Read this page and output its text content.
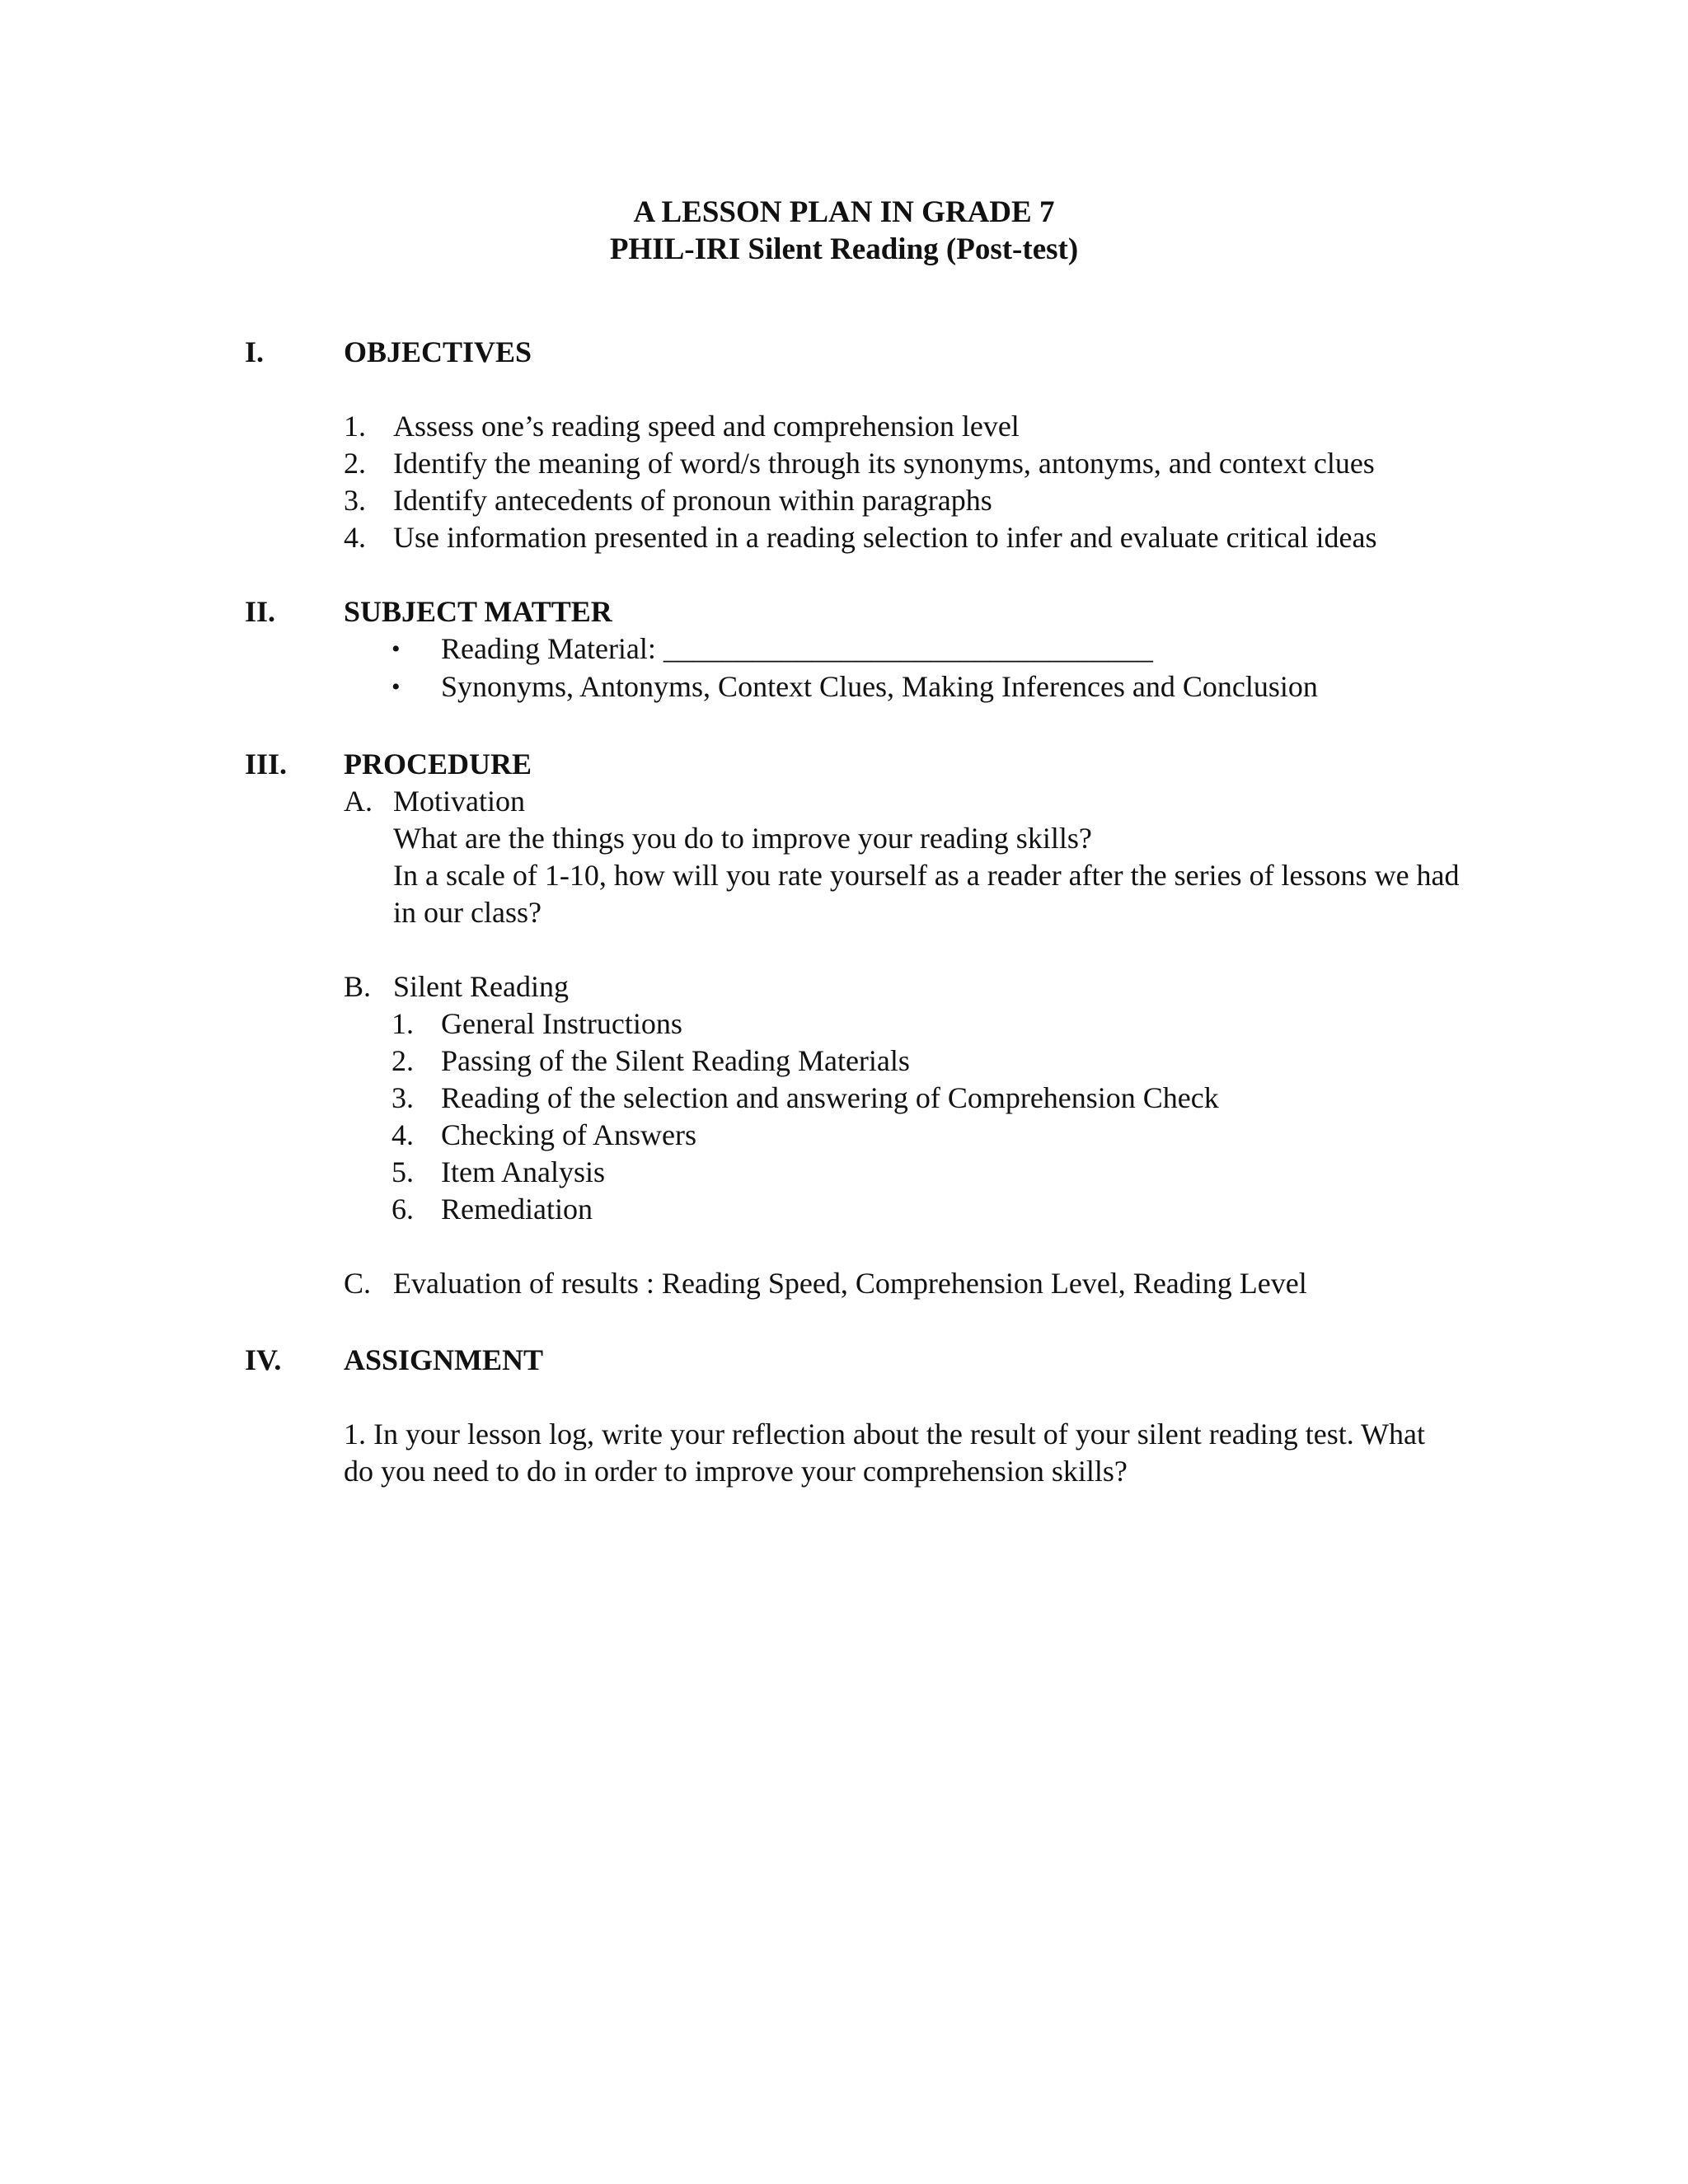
A LESSON PLAN IN GRADE 7
PHIL-IRI Silent Reading (Post-test)
I.	OBJECTIVES
1. Assess one’s reading speed and comprehension level
2. Identify the meaning of word/s through its synonyms, antonyms, and context clues
3. Identify antecedents of pronoun within paragraphs
4. Use information presented in a reading selection to infer and evaluate critical ideas
II. SUBJECT MATTER
• Reading Material: _________________________________
• Synonyms, Antonyms, Context Clues, Making Inferences and Conclusion
III. PROCEDURE
A. Motivation
What are the things you do to improve your reading skills?
In a scale of 1-10, how will you rate yourself as a reader after the series of lessons we had
in our class?
B. Silent Reading
1. General Instructions
2. Passing of the Silent Reading Materials
3. Reading of the selection and answering of Comprehension Check
4. Checking of Answers
5. Item Analysis
6. Remediation
C. Evaluation of results : Reading Speed, Comprehension Level, Reading Level
IV. ASSIGNMENT
1. In your lesson log, write your reflection about the result of your silent reading test. What
do you need to do in order to improve your comprehension skills?
